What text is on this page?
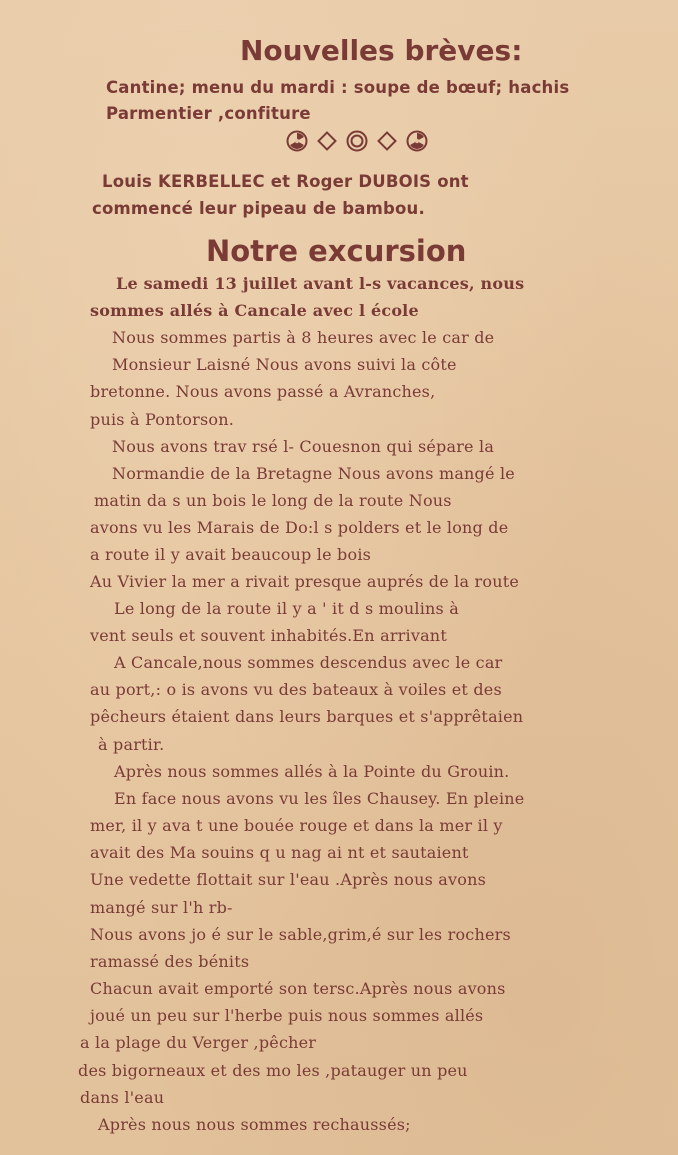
Nouvelles brèves:
Cantine; menu du mardi : soupe de bœuf; hachis
Parmentier ,confiture
Louis KERBELLEC et Roger DUBOIS ont
commencé leur pipeau de bambou.
Notre excursion
Le samedi 13 juillet avant l-s vacances, nous
sommes allés à Cancale avec l école
Nous sommes partis à 8 heures avec le car de
Monsieur Laisné Nous avons suivi la côte
bretonne. Nous avons passé a Avranches,
puis à Pontorson.
Nous avons trav rsé l- Couesnon qui sépare la
Normandie de la Bretagne Nous avons mangé le
matin da s un bois le long de la route Nous
avons vu les Marais de Do:l s polders et le long de
a route il y avait beaucoup le bois
Au Vivier la mer a rivait presque auprés de la route
Le long de la route il y a ' it d s moulins à
vent seuls et souvent inhabités.En arrivant
A Cancale,nous sommes descendus avec le car
au port,: o is avons vu des bateaux à voiles et des
pêcheurs étaient dans leurs barques et s'apprêtaien
à partir.
Après nous sommes allés à la Pointe du Grouin.
En face nous avons vu les îles Chausey. En pleine
mer, il y ava t une bouée rouge et dans la mer il y
avait des Ma souins q u nag ai nt et sautaient
Une vedette flottait sur l'eau .Après nous avons
mangé sur l'h rb-
Nous avons jo é sur le sable,grim,é sur les rochers
ramassé des bénits
Chacun avait emporté son tersc.Après nous avons
joué un peu sur l'herbe puis nous sommes allés
a la plage du Verger ,pêcher
des bigorneaux et des mo les ,patauger un peu
dans l'eau
Après nous nous sommes rechaussés;
